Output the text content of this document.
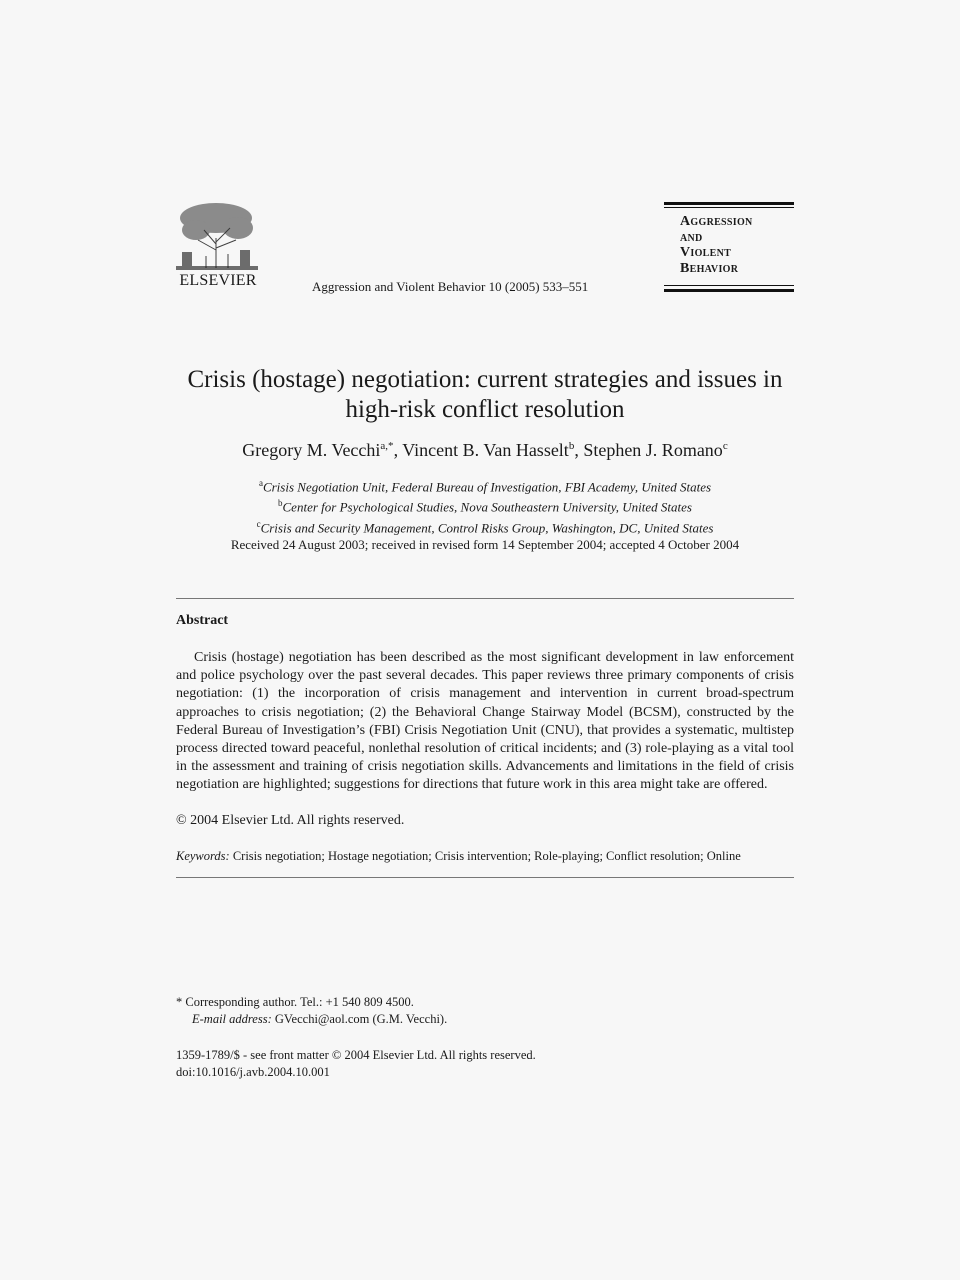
ELSEVIER	Aggression and Violent Behavior 10 (2005) 533–551
Aggression
and
Violent
Behavior
Crisis (hostage) negotiation: current strategies and issues in
high-risk conflict resolution
Gregory M. Vecchi$^{a,*}$, Vincent B. Van Hasselt$^b$, Stephen J. Romano$^c$
$^a$Crisis Negotiation Unit, Federal Bureau of Investigation, FBI Academy, United States
$^b$Center for Psychological Studies, Nova Southeastern University, United States
$^c$Crisis and Security Management, Control Risks Group, Washington, DC, United States
Received 24 August 2003; received in revised form 14 September 2004; accepted 4 October 2004
Abstract
Crisis (hostage) negotiation has been described as the most significant development in law enforcement and police psychology over the past several decades. This paper reviews three primary components of crisis negotiation: (1) the incorporation of crisis management and intervention in current broad-spectrum approaches to crisis negotiation; (2) the Behavioral Change Stairway Model (BCSM), constructed by the Federal Bureau of Investigation’s (FBI) Crisis Negotiation Unit (CNU), that provides a systematic, multistep process directed toward peaceful, nonlethal resolution of critical incidents; and (3) role-playing as a vital tool in the assessment and training of crisis negotiation skills. Advancements and limitations in the field of crisis negotiation are highlighted; suggestions for directions that future work in this area might take are offered.
© 2004 Elsevier Ltd. All rights reserved.
Keywords: Crisis negotiation; Hostage negotiation; Crisis intervention; Role-playing; Conflict resolution; Online
* Corresponding author. Tel.: +1 540 809 4500.
E-mail address: GVecchi@aol.com (G.M. Vecchi).
1359-1789/$ - see front matter © 2004 Elsevier Ltd. All rights reserved.
doi:10.1016/j.avb.2004.10.001
